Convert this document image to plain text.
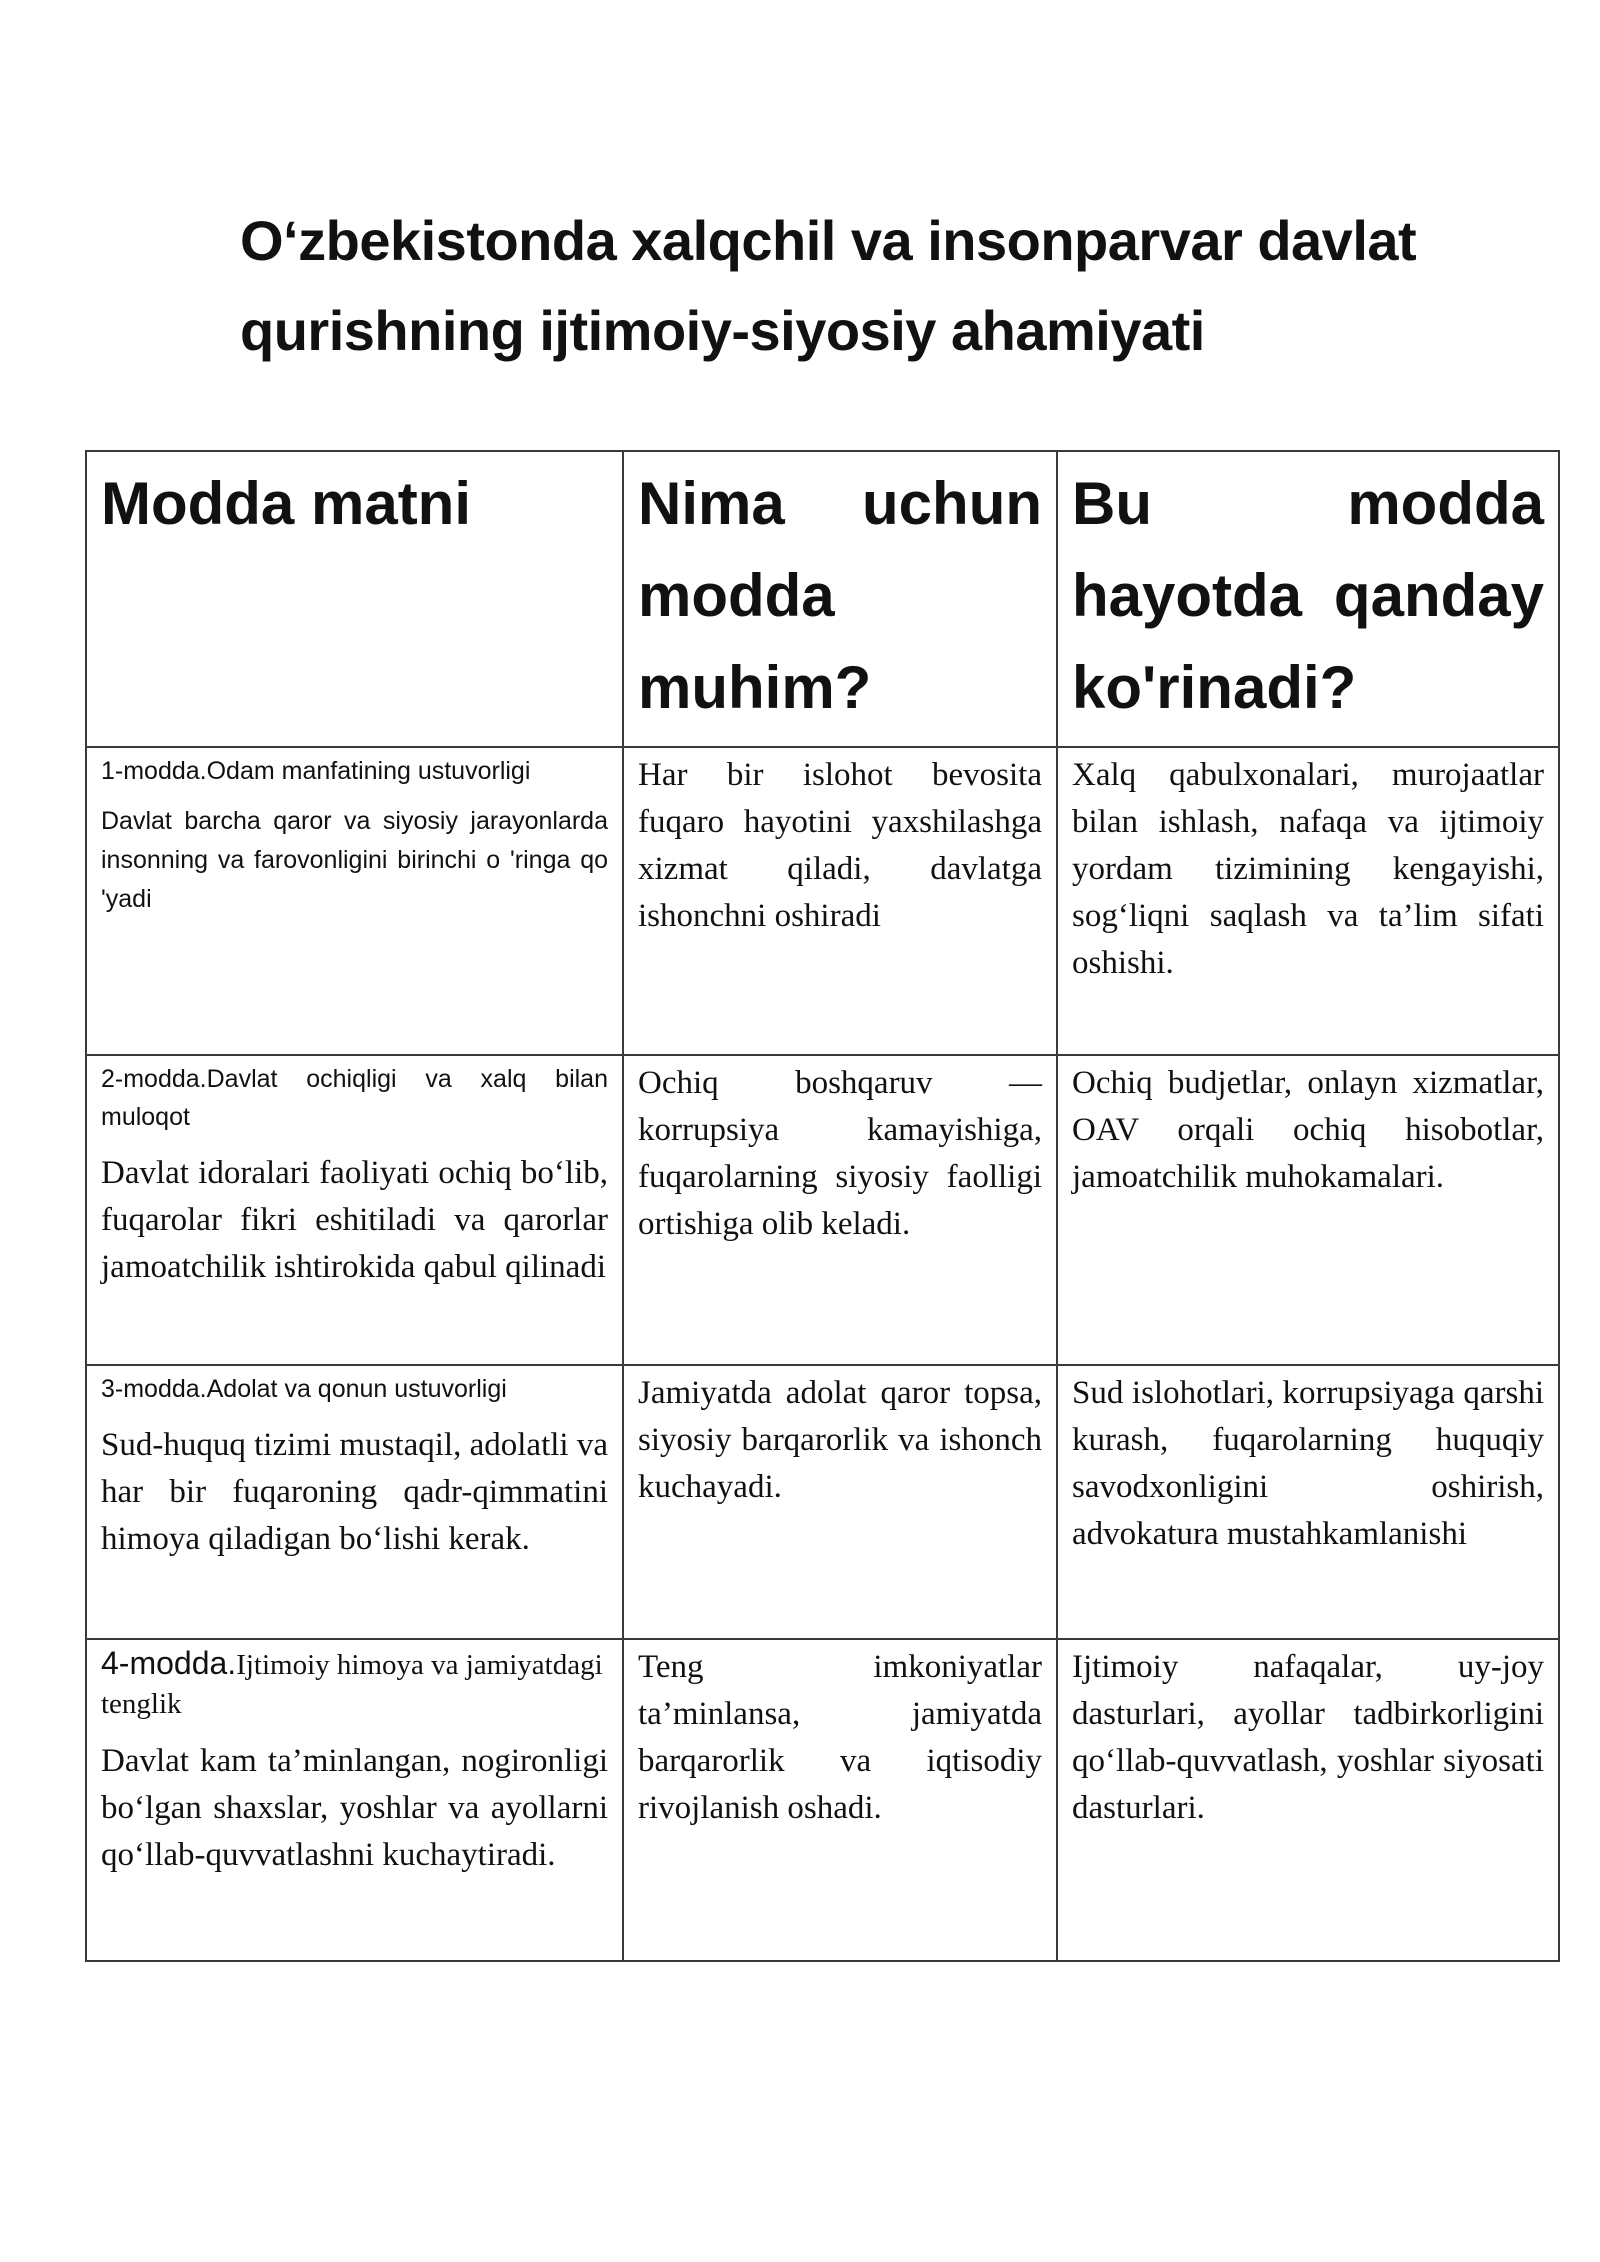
O‘zbekistonda xalqchil va insonparvar davlat qurishning ijtimoiy-siyosiy ahamiyati
Modda matni	Nima uchun modda muhim?	Bu modda hayotda qanday ko'rinadi?

1-modda.Odam manfatining ustuvorligi

Davlat barcha qaror va siyosiy jarayonlarda insonning va farovonligini birinchi o 'ringa qo 'yadi	Har bir islohot bevosita fuqaro hayotini yaxshilashga xizmat qiladi, davlatga ishonchni oshiradi	Xalq qabulxonalari, murojaatlar bilan ishlash, nafaqa va ijtimoiy yordam tizimining kengayishi, sog‘liqni saqlash va ta’lim sifati oshishi.

2-modda.Davlat ochiqligi va xalq bilan muloqot

Davlat idoralari faoliyati ochiq bo‘lib, fuqarolar fikri eshitiladi va qarorlar jamoatchilik ishtirokida qabul qilinadi	Ochiq boshqaruv — korrupsiya kamayishiga, fuqarolarning siyosiy faolligi ortishiga olib keladi.	Ochiq budjetlar, onlayn xizmatlar, OAV orqali ochiq hisobotlar, jamoatchilik muhokamalari.

3-modda.Adolat va qonun ustuvorligi

Sud-huquq tizimi mustaqil, adolatli va har bir fuqaroning qadr-qimmatini himoya qiladigan bo‘lishi kerak.	Jamiyatda adolat qaror topsa, siyosiy barqarorlik va ishonch kuchayadi.	Sud islohotlari, korrupsiyaga qarshi kurash, fuqarolarning huquqiy savodxonligini oshirish, advokatura mustahkamlanishi

4-modda.Ijtimoiy himoya va jamiyatdagi tenglik

Davlat kam ta’minlangan, nogironligi bo‘lgan shaxslar, yoshlar va ayollarni qo‘llab-quvvatlashni kuchaytiradi.	Teng imkoniyatlar ta’minlansa, jamiyatda barqarorlik va iqtisodiy rivojlanish oshadi.	Ijtimoiy nafaqalar, uy-joy dasturlari, ayollar tadbirkorligini qo‘llab-quvvatlash, yoshlar siyosati dasturlari.
